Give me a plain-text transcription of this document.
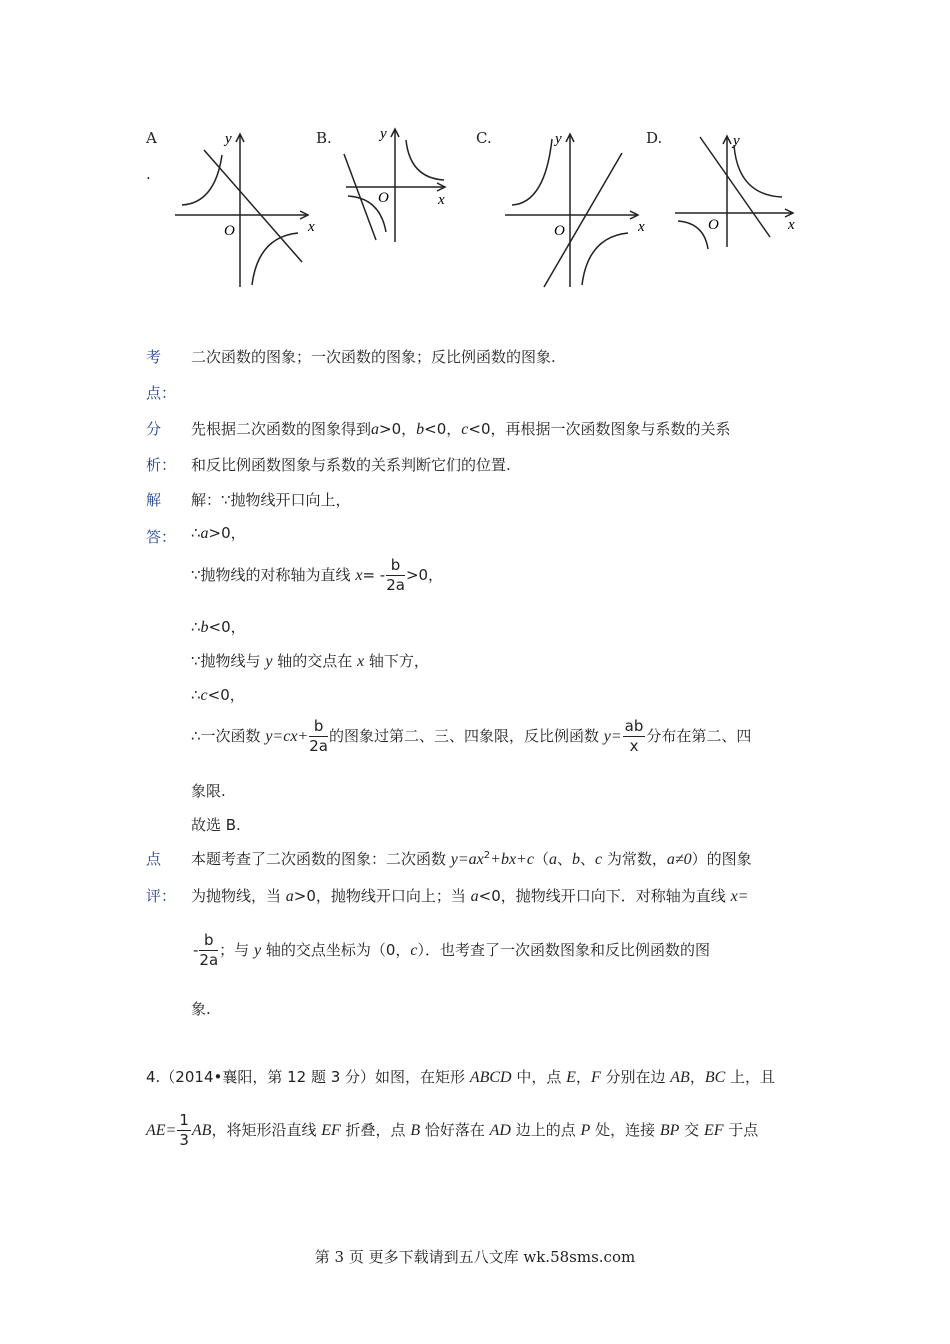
A
.
B.	C.	D.
x
y
O
x
y
O
x
y
O	x
y
O
考
点：
二次函数的图象；一次函数的图象；反比例函数的图象.
分
析：
先根据二次函数的图象得到a>0，b<0，c<0，再根据一次函数图象与系数的关系
和反比例函数图象与系数的关系判断它们的位置.
解
答：
解：∵抛物线开口向上，
∴a>0，
∵抛物线的对称轴为直线 $x= - \frac{b}{2a} >0$，
∴b<0，
∵抛物线与 y 轴的交点在 x 轴下方，
∴c<0，
∴一次函数 $y=cx+ \frac{b}{2a}$ 的图象过第二、三、四象限，反比例函数 $y= \frac{ab}{x}$ 分布在第二、四
象限.
故选 B.
点
评：
本题考查了二次函数的图象：二次函数 $y=ax^2+bx+c(a$、b、c 为常数，a≠0）的图象
为抛物线，当 a>0，抛物线开口向上；当 a<0，抛物线开口向下．对称轴为直线 x=
- $\frac{b}{2a}$ ；与 y 轴的交点坐标为（0，c）．也考查了一次函数图象和反比例函数的图
象.
4.（2014•襄阳，第 12 题 3 分）如图，在矩形 ABCD 中，点 E，F 分别在边 AB，BC 上，且
$AE= \frac{1}{3}$ AB，将矩形沿直线 EF 折叠，点 B 恰好落在 AD 边上的点 P 处，连接 BP 交 EF 于点
第 3 页 更多下载请到五八文库 wk.58sms.com
